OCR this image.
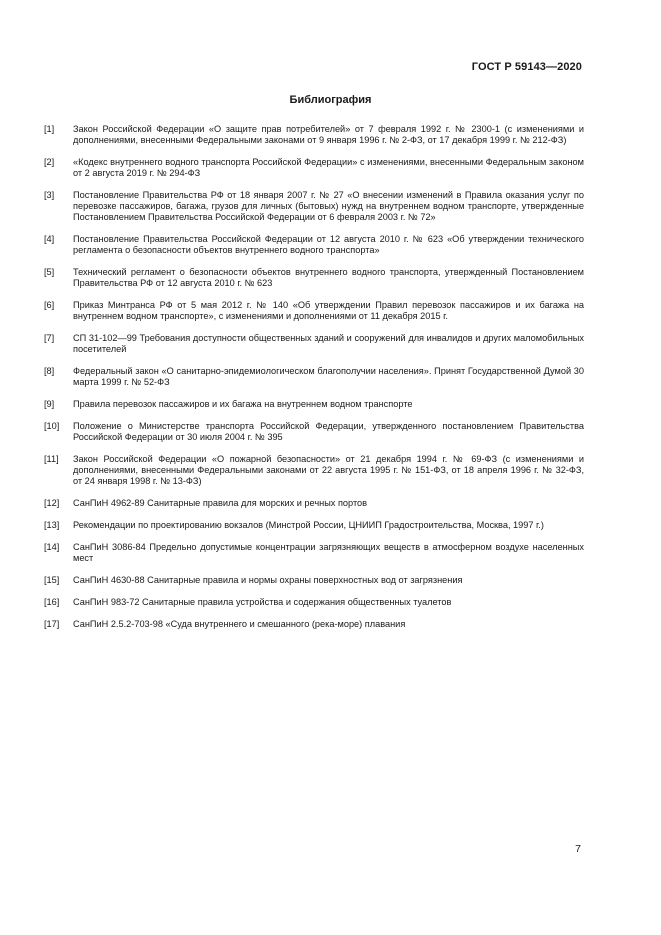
ГОСТ Р 59143—2020
Библиография
[1]	Закон Российской Федерации «О защите прав потребителей» от 7 февраля 1992 г. № 2300-1 (с изменениями и дополнениями, внесенными Федеральными законами от 9 января 1996 г. № 2-ФЗ, от 17 декабря 1999 г. № 212-ФЗ)
[2]	«Кодекс внутреннего водного транспорта Российской Федерации» с изменениями, внесенными Федеральным законом от 2 августа 2019 г. № 294-ФЗ
[3]	Постановление Правительства РФ от 18 января 2007 г. № 27 «О внесении изменений в Правила оказания услуг по перевозке пассажиров, багажа, грузов для личных (бытовых) нужд на внутреннем водном транспорте, утвержденные Постановлением Правительства Российской Федерации от 6 февраля 2003 г. № 72»
[4]	Постановление Правительства Российской Федерации от 12 августа 2010 г. № 623 «Об утверждении технического регламента о безопасности объектов внутреннего водного транспорта»
[5]	Технический регламент о безопасности объектов внутреннего водного транспорта, утвержденный Постановлением Правительства РФ от 12 августа 2010 г. № 623
[6]	Приказ Минтранса РФ от 5 мая 2012 г. № 140 «Об утверждении Правил перевозок пассажиров и их багажа на внутреннем водном транспорте», с изменениями и дополнениями от 11 декабря 2015 г.
[7]	СП 31-102—99 Требования доступности общественных зданий и сооружений для инвалидов и других маломобильных посетителей
[8]	Федеральный закон «О санитарно-эпидемиологическом благополучии населения». Принят Государственной Думой 30 марта 1999 г. № 52-ФЗ
[9]	Правила перевозок пассажиров и их багажа на внутреннем водном транспорте
[10]	Положение о Министерстве транспорта Российской Федерации, утвержденного постановлением Правительства Российской Федерации от 30 июля 2004 г. № 395
[11]	Закон Российской Федерации «О пожарной безопасности» от 21 декабря 1994 г. № 69-ФЗ (с изменениями и дополнениями, внесенными Федеральными законами от 22 августа 1995 г. № 151-ФЗ, от 18 апреля 1996 г. № 32-ФЗ, от 24 января 1998 г. № 13-ФЗ)
[12]	СанПиН 4962-89 Санитарные правила для морских и речных портов
[13]	Рекомендации по проектированию вокзалов (Минстрой России, ЦНИИП Градостроительства, Москва, 1997 г.)
[14]	СанПиН 3086-84 Предельно допустимые концентрации загрязняющих веществ в атмосферном воздухе населенных мест
[15]	СанПиН 4630-88 Санитарные правила и нормы охраны поверхностных вод от загрязнения
[16]	СанПиН 983-72 Санитарные правила устройства и содержания общественных туалетов
[17]	СанПиН 2.5.2-703-98 «Суда внутреннего и смешанного (река-море) плавания
7
